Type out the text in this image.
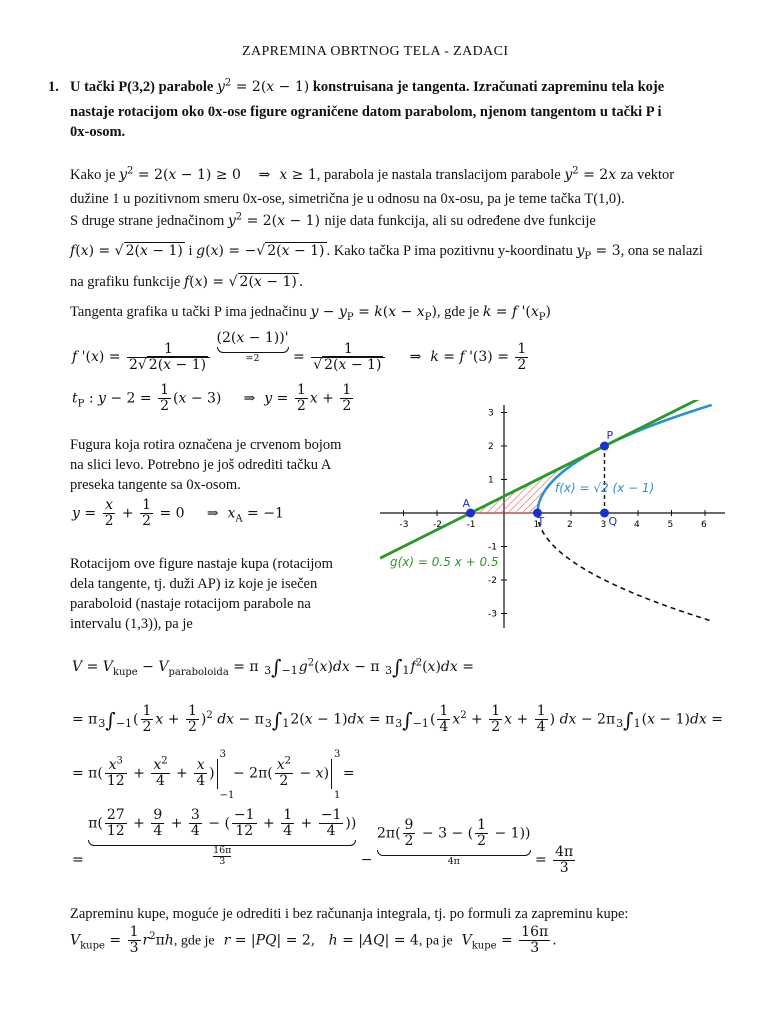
ZAPREMINA OBRTNOG TELA - ZADACI
1. U tački P(3,2) parabole $y^2 = 2(x - 1)$ konstruisana je tangenta. Izračunati zapreminu tela koje
nastaje rotacijom oko 0x-ose figure ograničene datom parabolom, njenom tangentom u tački P i
0x-osom.
Kako je $y^2 = 2(x - 1) \ge 0$    ⇒  x ≥ 1, parabola je nastala translacijom parabole $y^2 = 2x$ za vektor
dužine 1 u pozitivnom smeru 0x-ose, simetrična je u odnosu na 0x-osu, pa je teme tačka T(1,0).
S druge strane jednačinom $y^2 = 2(x - 1)$ nije data funkcija, ali su određene dve funkcije
f(x) = √ 2(x − 1) i g(x) = −√ 2(x − 1) . Kako tačka P ima pozitivnu y-koordinatu $y_P = 3$, ona se nalazi
na grafiku funkcije f(x) = √ 2(x − 1) .
Tangenta grafika u tački P ima jednačinu $y - y_P = k(x - x_P)$, gde je k = f '$(x_P)$
f '$(x) = \frac{1}{2√ 2(x - 1)}$
(2(x − 1))'
=2	= $\frac{1}{√ 2(x - 1)}$ ⇒  k = f '$(3) = \frac{1}{2}$
$t_P$ : $y - 2 = \frac{1}{2} (x - 3)$     ⇒  $y = \frac{1}{2}$ $x + \frac{1}{2}$
Fugura koja rotira označena je crvenom bojom
na slici levo. Potrebno je još odrediti tačku A
preseka tangente sa 0x-osom.
$y = \frac{x}{2} + \frac{1}{2} = 0$     ⇒  $x_A = -1$
Rotacijom ove figure nastaje kupa (rotacijom
dela tangente, tj. duži AP) iz koje je isečen
paraboloid (nastaje rotacijom parabole na
intervalu (1,3)), pa je
-3	-2	-1	1	2	3	4	5	6
3
2
1
-1
-2
-3
A
T
P
Q
f(x) = √2 (x − 1)
g(x) = 0.5 x + 0.5
$V = V_{kupe} - V_{paraboloida} = \pi$ $3\int-1g^2(x)dx - \pi$ $3\int 1f^2(x)dx$ =
= $\pi 3\int-1( \frac{1}{2}$ $x + \frac{1}{2} )^2$ dx − $\pi 3\int 12(x - 1)dx = \pi 3\int-1( \frac{1}{4} x^2 + \frac{1}{2}$ $x + \frac{1}{4}$ ) dx − 2π3∫1(x − 1)dx =
= $\pi( \frac{x^3}{12} + \frac{x^2}{4} + \frac{x}{4}$ )
3
−1
− $2\pi( \frac{x^2}{2} - x)$
3
1
=
= $\pi( \frac{27}{12} + \frac{9}{4} + \frac{3}{4}$ − ( $\frac{-1}{12} + \frac{1}{4} + \frac{-1}{4}$ ))
$\frac{16\pi}{3}$	− $2\pi( \frac{9}{2} - 3$ − ( $\frac{1}{2} - 1$))
4π	= $\frac{4\pi}{3}$
Zapreminu kupe, moguće je odrediti i bez računanja integrala, tj. po formuli za zapreminu kupe:
$V_{kupe} = \frac{1}{3} r^2\pi h$, gde je r = |PQ| = 2,   h = |AQ| = 4, pa je $V_{kupe} = \frac{16\pi}{3}$ .
